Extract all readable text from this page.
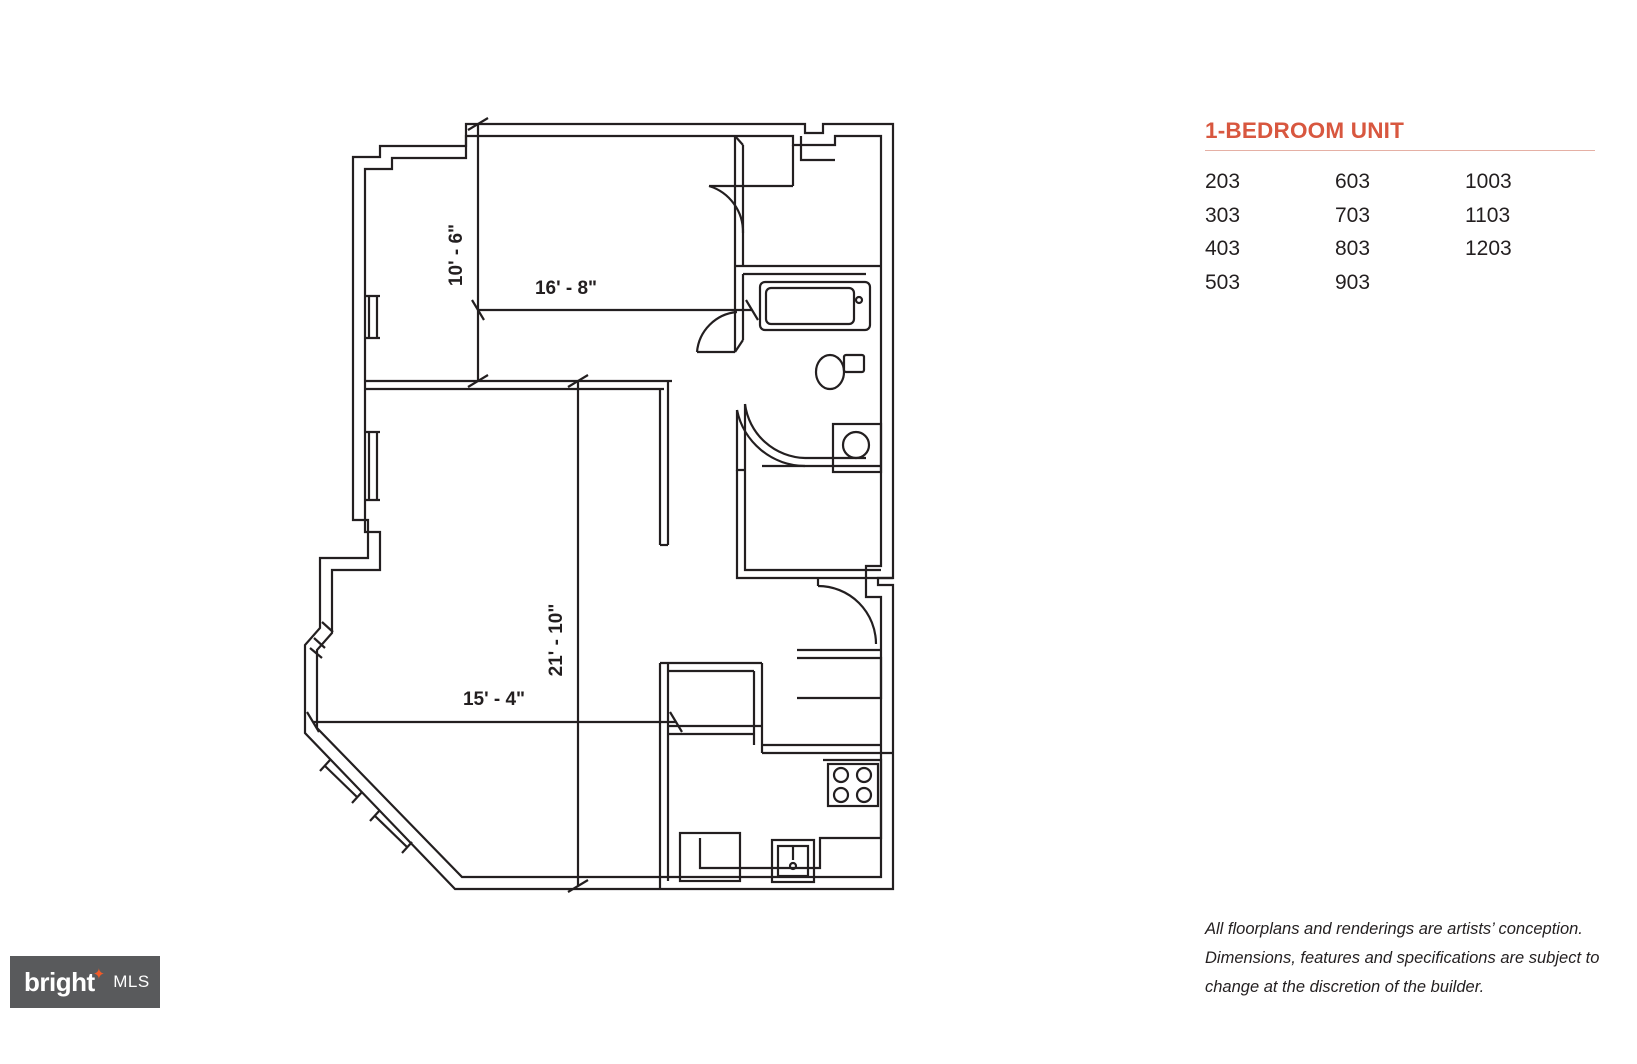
16' - 8"
10' - 6"
21' - 10"
15' - 4"
1-BEDROOM UNIT
203
303
403
503
603
703
803
903
1003
1103
1203
All floorplans and renderings are artists’ conception.
Dimensions, features and specifications are subject to
change at the discretion of the builder.
bright
✦ MLS
